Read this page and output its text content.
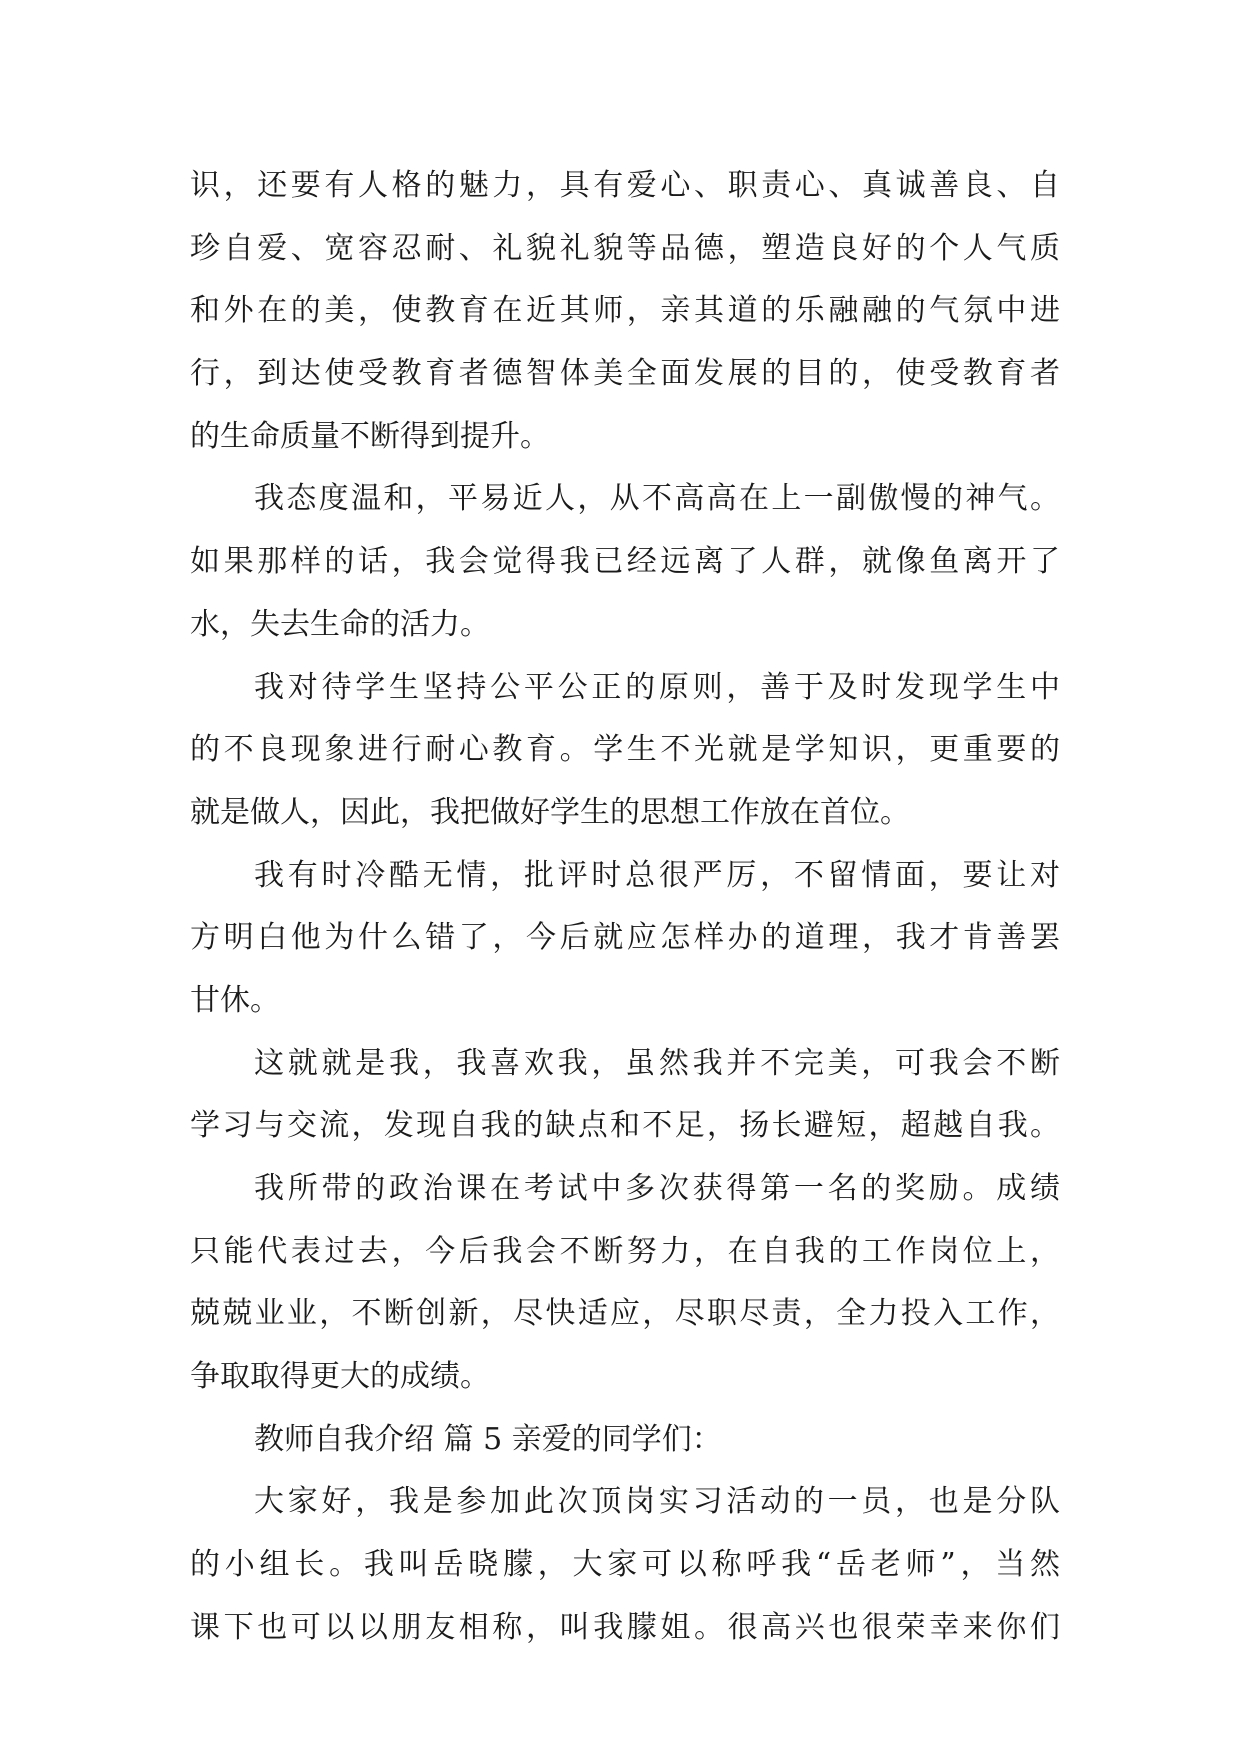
识，还要有人格的魅力，具有爱心、职责心、真诚善良、自
珍自爱、宽容忍耐、礼貌礼貌等品德，塑造良好的个人气质
和外在的美，使教育在近其师，亲其道的乐融融的气氛中进
行，到达使受教育者德智体美全面发展的目的，使受教育者
的生命质量不断得到提升。
我态度温和，平易近人，从不高高在上一副傲慢的神气。
如果那样的话，我会觉得我已经远离了人群，就像鱼离开了
水，失去生命的活力。
我对待学生坚持公平公正的原则，善于及时发现学生中
的不良现象进行耐心教育。学生不光就是学知识，更重要的
就是做人，因此，我把做好学生的思想工作放在首位。
我有时冷酷无情，批评时总很严厉，不留情面，要让对
方明白他为什么错了，今后就应怎样办的道理，我才肯善罢
甘休。
这就就是我，我喜欢我，虽然我并不完美，可我会不断
学习与交流，发现自我的缺点和不足，扬长避短，超越自我。
我所带的政治课在考试中多次获得第一名的奖励。成绩
只能代表过去，今后我会不断努力，在自我的工作岗位上，
兢兢业业，不断创新，尽快适应，尽职尽责，全力投入工作，
争取取得更大的成绩。
教师自我介绍 篇 5 亲爱的同学们：
大家好，我是参加此次顶岗实习活动的一员，也是分队
的小组长。我叫岳晓朦，大家可以称呼我“岳老师”，当然
课下也可以以朋友相称，叫我朦姐。很高兴也很荣幸来你们
